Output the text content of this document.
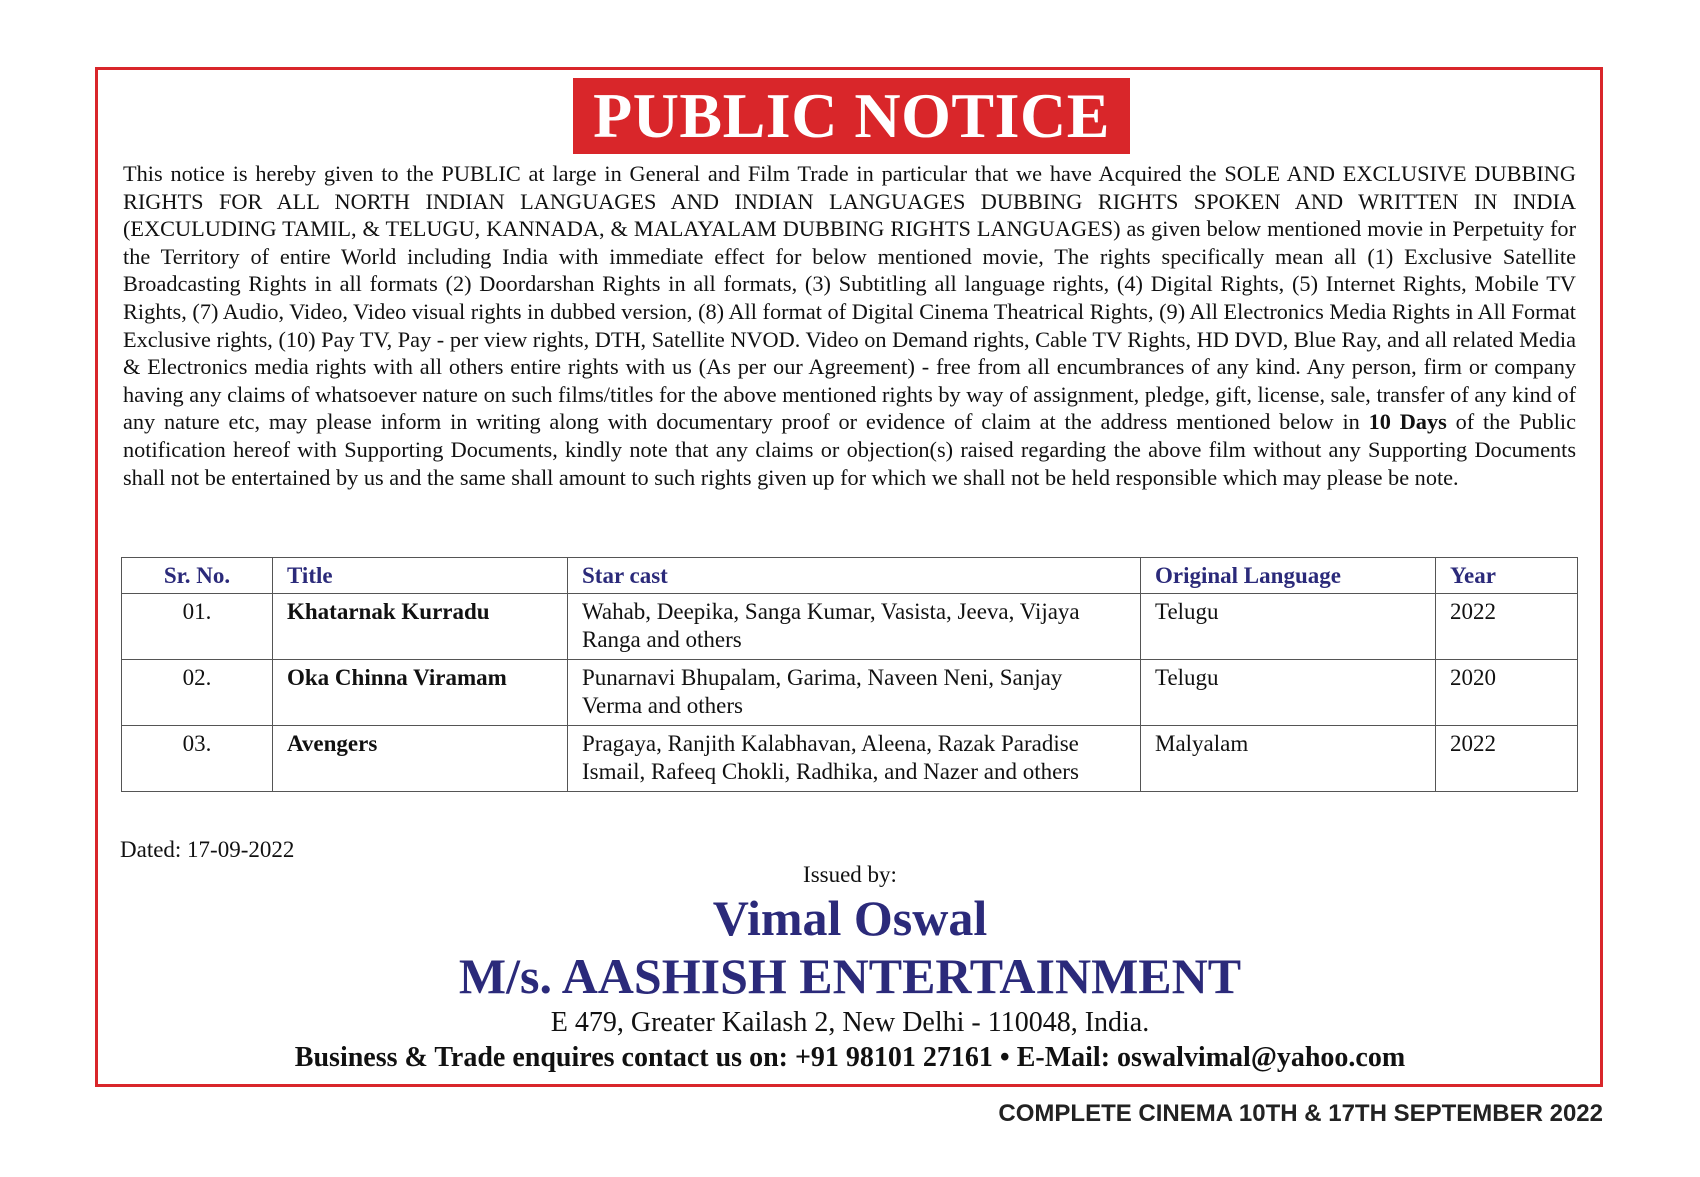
PUBLIC NOTICE
This notice is hereby given to the PUBLIC at large in General and Film Trade in particular that we have Acquired the SOLE AND EXCLUSIVE DUBBING RIGHTS FOR ALL NORTH INDIAN LANGUAGES AND INDIAN LANGUAGES DUBBING RIGHTS SPOKEN AND WRITTEN IN INDIA (EXCULUDING TAMIL, & TELUGU, KANNADA, & MALAYALAM DUBBING RIGHTS LANGUAGES) as given below mentioned movie in Perpetuity for the Territory of entire World including India with immediate effect for below mentioned movie, The rights specifically mean all (1) Exclusive Satellite Broadcasting Rights in all formats (2) Doordarshan Rights in all formats, (3) Subtitling all language rights, (4) Digital Rights, (5) Internet Rights, Mobile TV Rights, (7) Audio, Video, Video visual rights in dubbed version, (8) All format of Digital Cinema Theatrical Rights, (9) All Electronics Media Rights in All Format Exclusive rights, (10) Pay TV, Pay - per view rights, DTH, Satellite NVOD. Video on Demand rights, Cable TV Rights, HD DVD, Blue Ray, and all related Media & Electronics media rights with all others entire rights with us (As per our Agreement) - free from all encumbrances of any kind. Any person, firm or company having any claims of whatsoever nature on such films/titles for the above mentioned rights by way of assignment, pledge, gift, license, sale, transfer of any kind of any nature etc, may please inform in writing along with documentary proof or evidence of claim at the address mentioned below in 10 Days of the Public notification hereof with Supporting Documents, kindly note that any claims or objection(s) raised regarding the above film without any Supporting Documents shall not be entertained by us and the same shall amount to such rights given up for which we shall not be held responsible which may please be note.
Sr. No.	Title	Star cast	Original Language	Year
01.	Khatarnak Kurradu	Wahab, Deepika, Sanga Kumar, Vasista, Jeeva, Vijaya Ranga and others	Telugu	2022
02.	Oka Chinna Viramam	Punarnavi Bhupalam, Garima, Naveen Neni, Sanjay Verma and others	Telugu	2020
03.	Avengers	Pragaya, Ranjith Kalabhavan, Aleena, Razak Paradise Ismail, Rafeeq Chokli, Radhika, and Nazer and others	Malyalam	2022
Dated: 17-09-2022
Issued by:
Vimal Oswal
M/s. AASHISH ENTERTAINMENT
E 479, Greater Kailash 2, New Delhi - 110048, India.
Business & Trade enquires contact us on: +91 98101 27161 • E-Mail: oswalvimal@yahoo.com
COMPLETE CINEMA 10TH & 17TH SEPTEMBER 2022
